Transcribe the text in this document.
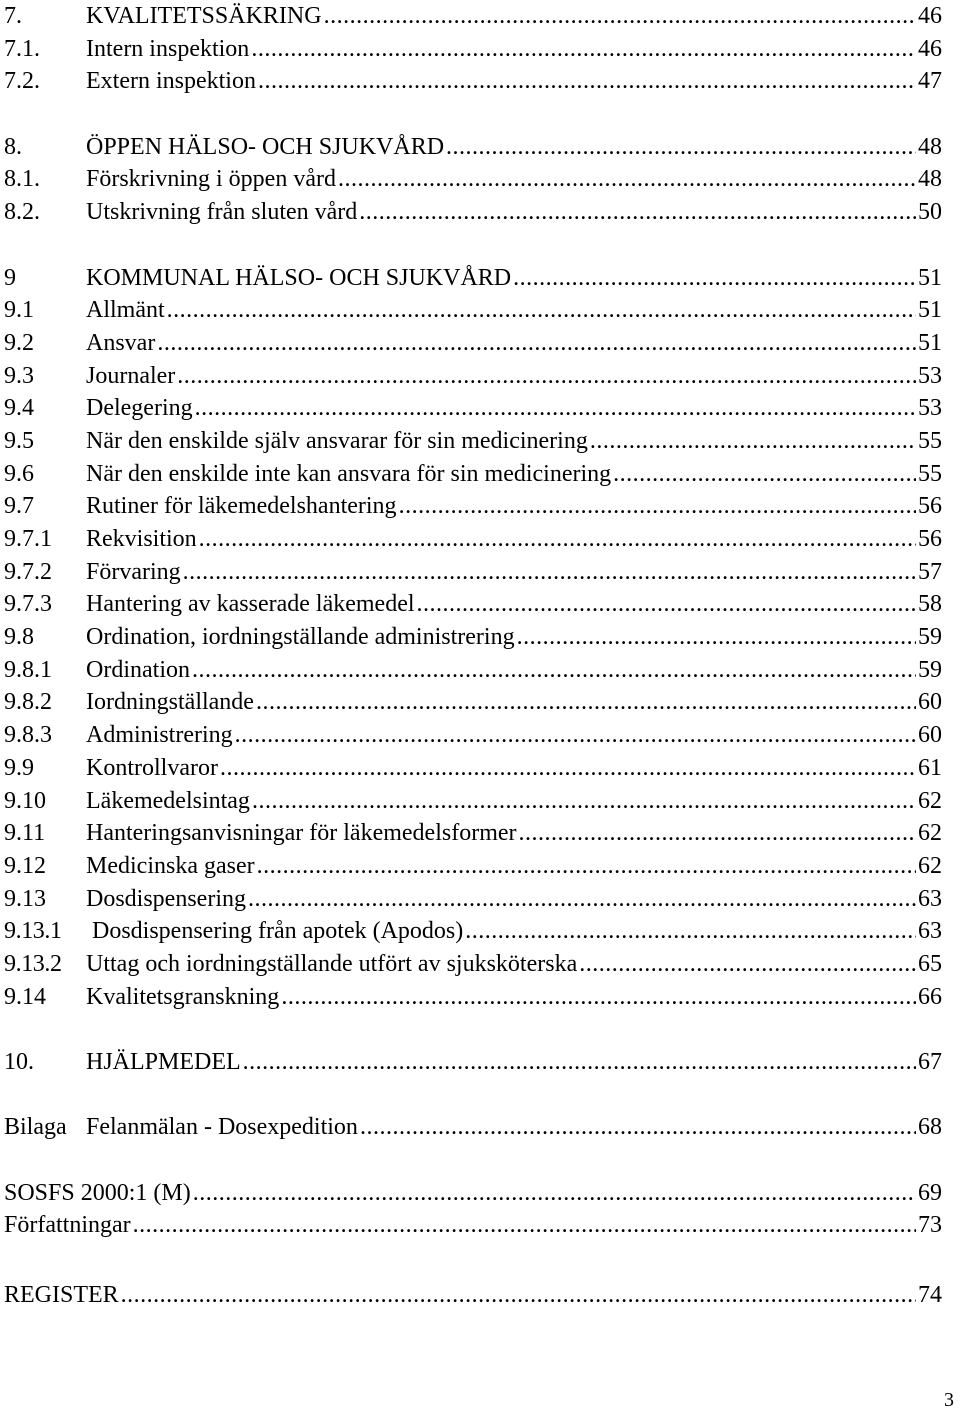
7.	KVALITETSSÄKRING .....	46
7.1.	Intern inspektion .....	46
7.2.	Extern inspektion .....	47
8.	ÖPPEN HÄLSO- OCH SJUKVÅRD .....	48
8.1.	Förskrivning i öppen vård .....	48
8.2.	Utskrivning från sluten vård .....	50
9	KOMMUNAL HÄLSO- OCH SJUKVÅRD .....	51
9.1	Allmänt .....	51
9.2	Ansvar .....	51
9.3	Journaler .....	53
9.4	Delegering .....	53
9.5	När den enskilde själv ansvarar för sin medicinering .....	55
9.6	När den enskilde inte kan ansvara för sin medicinering .....	55
9.7	Rutiner för läkemedelshantering .....	56
9.7.1	Rekvisition .....	56
9.7.2	Förvaring .....	57
9.7.3	Hantering av kasserade läkemedel .....	58
9.8	Ordination, iordningställande administrering .....	59
9.8.1	Ordination .....	59
9.8.2	Iordningställande .....	60
9.8.3	Administrering .....	60
9.9	Kontrollvaror .....	61
9.10	Läkemedelsintag .....	62
9.11	Hanteringsanvisningar för läkemedelsformer .....	62
9.12	Medicinska gaser .....	62
9.13	Dosdispensering .....	63
9.13.1	Dosdispensering från apotek (Apodos) .....	63
9.13.2	Uttag och iordningställande utfört av sjuksköterska .....	65
9.14	Kvalitetsgranskning .....	66
10.	HJÄLPMEDEL .....	67
Bilaga Felanmälan - Dosexpedition .....	68
SOSFS 2000:1 (M) .....	69
Författningar .....	73
REGISTER .....	74
3
